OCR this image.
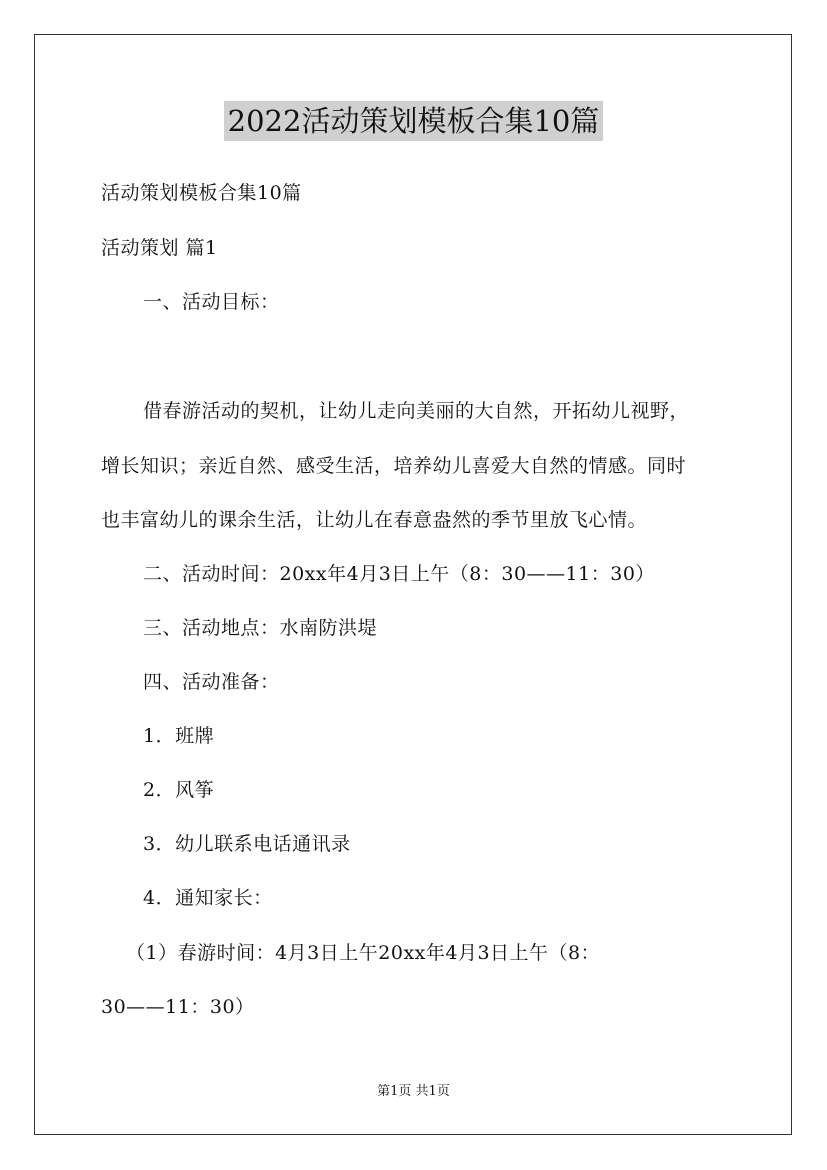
2022活动策划模板合集10篇
活动策划模板合集10篇
活动策划 篇1
一、活动目标：
借春游活动的契机，让幼儿走向美丽的大自然，开拓幼儿视野，
增长知识；亲近自然、感受生活，培养幼儿喜爱大自然的情感。同时
也丰富幼儿的课余生活，让幼儿在春意盎然的季节里放飞心情。
二、活动时间：20xx年4月3日上午（8：30——11：30）
三、活动地点：水南防洪堤
四、活动准备：
1．班牌
2．风筝
3．幼儿联系电话通讯录
4．通知家长：
（1）春游时间：4月3日上午20xx年4月3日上午（8：
30——11：30）
第1页 共1页
